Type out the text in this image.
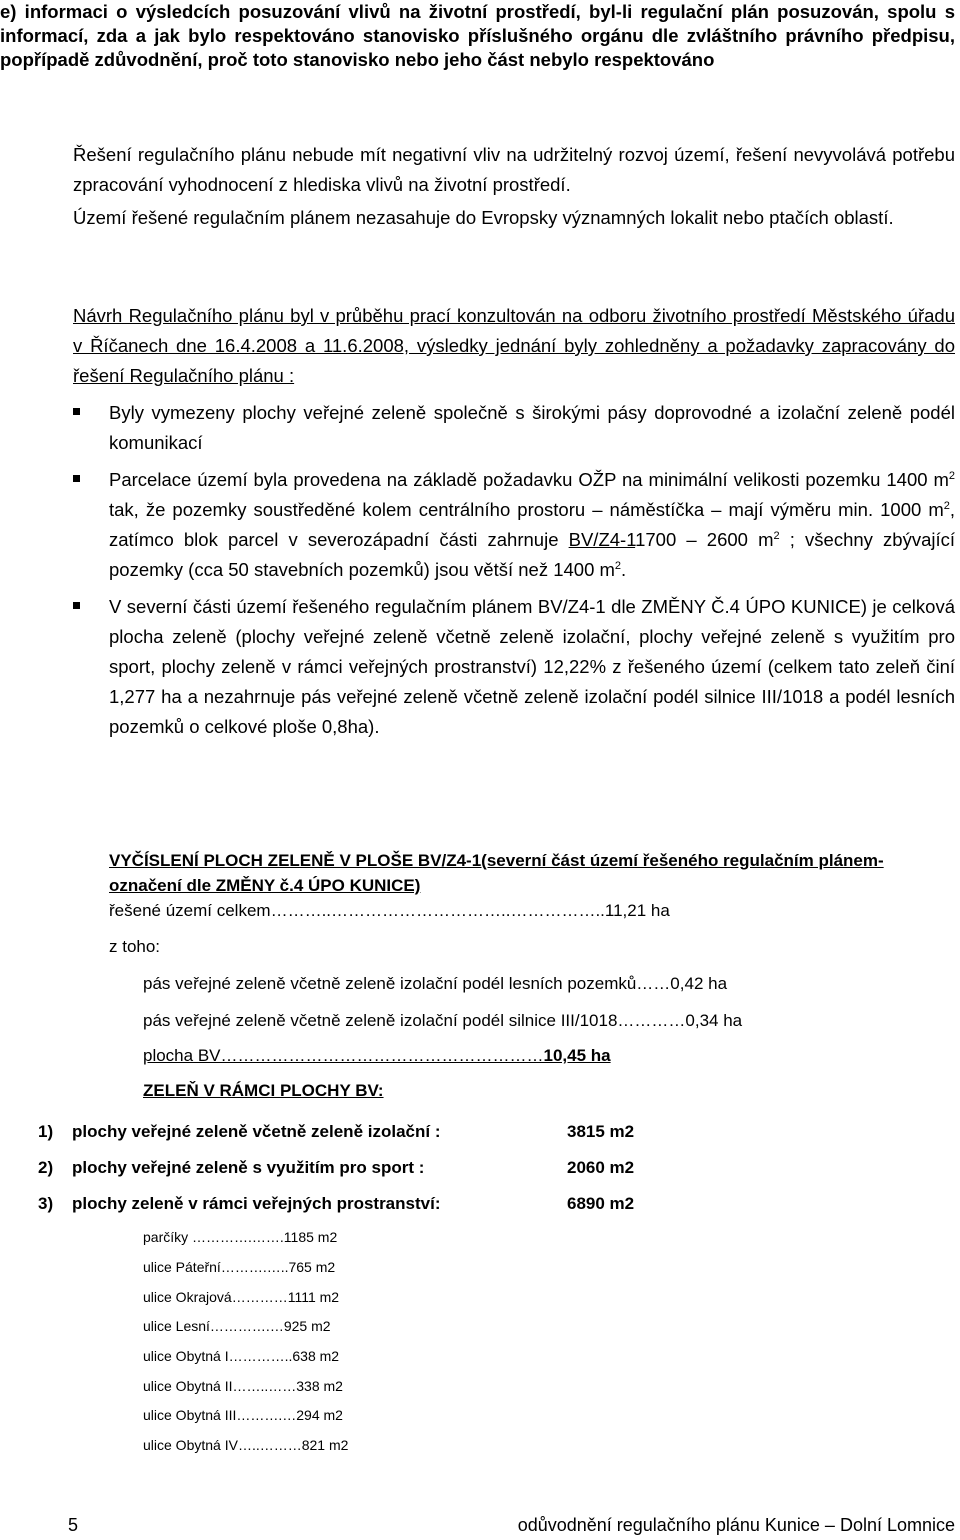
e) informaci o výsledcích posuzování vlivů na životní prostředí, byl-li regulační plán posuzován, spolu s informací, zda a jak bylo respektováno stanovisko příslušného orgánu dle zvláštního právního předpisu, popřípadě zdůvodnění, proč toto stanovisko nebo jeho část nebylo respektováno
Řešení regulačního plánu nebude mít negativní vliv na udržitelný rozvoj území, řešení nevyvolává potřebu zpracování vyhodnocení z hlediska vlivů na životní prostředí.
Území řešené regulačním plánem nezasahuje do Evropsky významných lokalit nebo ptačích oblastí.
Návrh Regulačního plánu byl v průběhu prací konzultován na odboru životního prostředí Městského úřadu v Říčanech dne 16.4.2008 a 11.6.2008, výsledky jednání byly zohledněny a požadavky zapracovány do řešení Regulačního plánu :
Byly vymezeny plochy veřejné zeleně společně s širokými pásy doprovodné a izolační zeleně podél komunikací
Parcelace území byla provedena na základě požadavku OŽP na minimální velikosti pozemku 1400 $m^2$ tak, že pozemky soustředěné kolem centrálního prostoru – náměstíčka – mají výměru min. 1000 $m^2$, zatímco blok parcel v severozápadní části zahrnuje BV/Z4-11700 – 2600 $m^2$ ; všechny zbývající pozemky (cca 50 stavebních pozemků) jsou větší než 1400 $m^2$.
V severní části území řešeného regulačním plánem BV/Z4-1 dle ZMĚNY Č.4 ÚPO KUNICE) je celková plocha zeleně (plochy veřejné zeleně včetně zeleně izolační, plochy veřejné zeleně s využitím pro sport, plochy zeleně v rámci veřejných prostranství) 12,22% z řešeného území (celkem tato zeleň činí 1,277 ha a nezahrnuje pás veřejné zeleně včetně zeleně izolační podél silnice III/1018 a podél lesních pozemků o celkové ploše 0,8ha).
VYČÍSLENÍ PLOCH ZELENĚ V PLOŠE BV/Z4-1(severní část území řešeného regulačním plánem- označení dle ZMĚNY č.4 ÚPO KUNICE)
řešené území celkem………..…………………………..……………..11,21 ha
z toho:
pás veřejné zeleně včetně zeleně izolační podél lesních pozemků……0,42 ha
pás veřejné zeleně včetně zeleně izolační podél silnice III/1018…………0,34 ha
plocha BV…………………………………………………10,45 ha
ZELEŇ V RÁMCI PLOCHY BV:
1) plochy veřejné zeleně včetně zeleně izolační :	3815 m2
2) plochy veřejné zeleně s využitím pro sport :	2060 m2
3) plochy zeleně v rámci veřejných prostranství:	6890 m2
parčíky ………….…….1185 m2
ulice Páteřní……….…..765 m2
ulice Okrajová…………1111 m2
ulice Lesní………….…925 m2
ulice Obytná I…………..638 m2
ulice Obytná II……..……338 m2
ulice Obytná III……….…294 m2
ulice Obytná IV…..………821 m2
5	odůvodnění regulačního plánu Kunice – Dolní Lomnice
